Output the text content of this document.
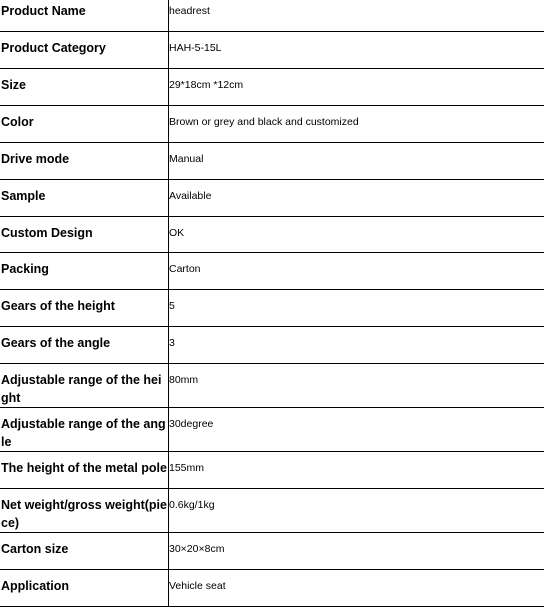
Product Name	headrest
Product Category	HAH-5-15L
Size	29*18cm *12cm
Color	Brown or grey and black and customized
Drive mode	Manual
Sample	Available
Custom Design	OK
Packing	Carton
Gears of the height	5
Gears of the angle	3
Adjustable range of the height	80mm
Adjustable range of the angle	30degree
The height of the metal pole	155mm
Net weight/gross weight(piece)	0.6kg/1kg
Carton size	30×20×8cm
Application	Vehicle seat
